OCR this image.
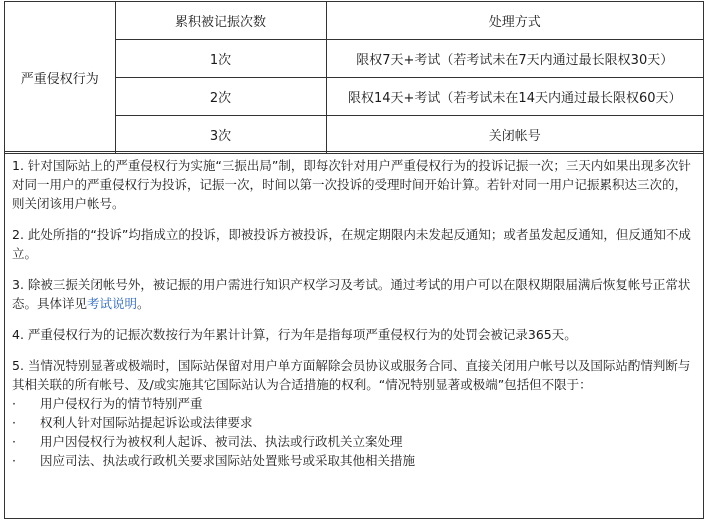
严重侵权行为	累积被记振次数	处理方式
	1次	限权7天+考试（若考试未在7天内通过最长限权30天）
	2次	限权14天+考试（若考试未在14天内通过最长限权60天）
	3次	关闭帐号

1. 针对国际站上的严重侵权行为实施“三振出局”制，即每次针对用户严重侵权行为的投诉记振一次；三天内如果出现多次针对同一用户的严重侵权行为投诉，记振一次，时间以第一次投诉的受理时间开始计算。若针对同一用户记振累积达三次的，则关闭该用户帐号。

2. 此处所指的“投诉”均指成立的投诉，即被投诉方被投诉，在规定期限内未发起反通知；或者虽发起反通知，但反通知不成立。

3. 除被三振关闭帐号外，被记振的用户需进行知识产权学习及考试。通过考试的用户可以在限权期限届满后恢复帐号正常状态。具体详见考试说明。

4. 严重侵权行为的记振次数按行为年累计计算，行为年是指每项严重侵权行为的处罚会被记录365天。

5. 当情况特别显著或极端时，国际站保留对用户单方面解除会员协议或服务合同、直接关闭用户帐号以及国际站酌情判断与其相关联的所有帐号、及/或实施其它国际站认为合适措施的权利。“情况特别显著或极端”包括但不限于：

· 用户侵权行为的情节特别严重
· 权利人针对国际站提起诉讼或法律要求
· 用户因侵权行为被权利人起诉、被司法、执法或行政机关立案处理
· 因应司法、执法或行政机关要求国际站处置账号或采取其他相关措施
